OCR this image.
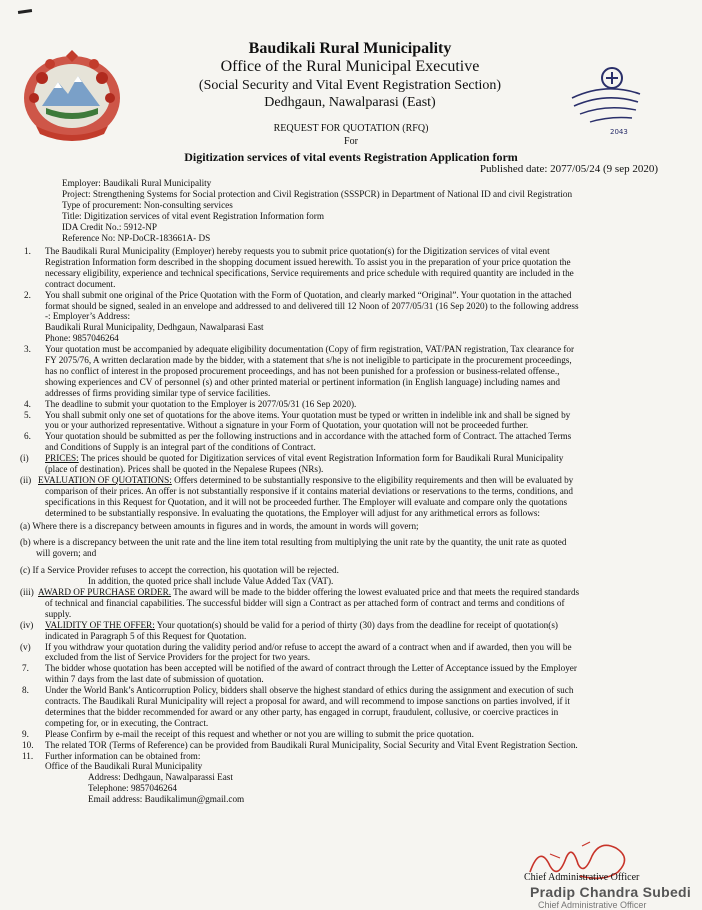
Baudikali Rural Municipality
Office of the Rural Municipal Executive
(Social Security and Vital Event Registration Section)
Dedhgaun, Nawalparasi (East)
2043
REQUEST FOR QUOTATION (RFQ)
For
Digitization services of vital events Registration Application form
Published date: 2077/05/24 (9 sep 2020)
Employer: Baudikali Rural Municipality
Project: Strengthening Systems for Social protection and Civil Registration (SSSPCR) in Department of National ID and civil Registration
Type of procurement: Non-consulting services
Title: Digitization services of vital event Registration Information form
IDA Credit No.: 5912-NP
Reference No: NP-DoCR-183661A- DS
1. The Baudikali Rural Municipality (Employer) hereby requests you to submit price quotation(s) for the Digitization services of vital event
Registration Information form described in the shopping document issued herewith. To assist you in the preparation of your price quotation the
necessary eligibility, experience and technical specifications, Service requirements and price schedule with required quantity are included in the
contract document.
2. You shall submit one original of the Price Quotation with the Form of Quotation, and clearly marked “Original”. Your quotation in the attached
format should be signed, sealed in an envelope and addressed to and delivered till 12 Noon of 2077/05/31 (16 Sep 2020) to the following address
-: Employer’s Address:
Baudikali Rural Municipality, Dedhgaun, Nawalparasi East
Phone: 9857046264
3. Your quotation must be accompanied by adequate eligibility documentation (Copy of firm registration, VAT/PAN registration, Tax clearance for
FY 2075/76, A written declaration made by the bidder, with a statement that s/he is not ineligible to participate in the procurement proceedings,
has no conflict of interest in the proposed procurement proceedings, and has not been punished for a profession or business-related offense.,
showing experiences and CV of personnel (s) and other printed material or pertinent information (in English language) including names and
addresses of firms providing similar type of service facilities.
4. The deadline to submit your quotation to the Employer is 2077/05/31 (16 Sep 2020).
5. You shall submit only one set of quotations for the above items. Your quotation must be typed or written in indelible ink and shall be signed by
you or your authorized representative. Without a signature in your Form of Quotation, your quotation will not be proceeded further.
6. Your quotation should be submitted as per the following instructions and in accordance with the attached form of Contract. The attached Terms
and Conditions of Supply is an integral part of the conditions of Contract.
(i) PRICES: The prices should be quoted for Digitization services of vital event Registration Information form for Baudikali Rural Municipality
(place of destination). Prices shall be quoted in the Nepalese Rupees (NRs).
(ii) EVALUATION OF QUOTATIONS: Offers determined to be substantially responsive to the eligibility requirements and then will be evaluated by
comparison of their prices. An offer is not substantially responsive if it contains material deviations or reservations to the terms, conditions, and
specifications in this Request for Quotation, and it will not be proceeded further. The Employer will evaluate and compare only the quotations
determined to be substantially responsive. In evaluating the quotations, the Employer will adjust for any arithmetical errors as follows:
(a) Where there is a discrepancy between amounts in figures and in words, the amount in words will govern;
(b) where is a discrepancy between the unit rate and the line item total resulting from multiplying the unit rate by the quantity, the unit rate as quoted
will govern; and
(c) If a Service Provider refuses to accept the correction, his quotation will be rejected.
In addition, the quoted price shall include Value Added Tax (VAT).
(iii) AWARD OF PURCHASE ORDER. The award will be made to the bidder offering the lowest evaluated price and that meets the required standards
of technical and financial capabilities. The successful bidder will sign a Contract as per attached form of contract and terms and conditions of
supply.
(iv) VALIDITY OF THE OFFER: Your quotation(s) should be valid for a period of thirty (30) days from the deadline for receipt of quotation(s)
indicated in Paragraph 5 of this Request for Quotation.
(v) If you withdraw your quotation during the validity period and/or refuse to accept the award of a contract when and if awarded, then you will be
excluded from the list of Service Providers for the project for two years.
7. The bidder whose quotation has been accepted will be notified of the award of contract through the Letter of Acceptance issued by the Employer
within 7 days from the last date of submission of quotation.
8. Under the World Bank’s Anticorruption Policy, bidders shall observe the highest standard of ethics during the assignment and execution of such
contracts. The Baudikali Rural Municipality will reject a proposal for award, and will recommend to impose sanctions on parties involved, if it
determines that the bidder recommended for award or any other party, has engaged in corrupt, fraudulent, collusive, or coercive practices in
competing for, or in executing, the Contract.
9. Please Confirm by e-mail the receipt of this request and whether or not you are willing to submit the price quotation.
10. The related TOR (Terms of Reference) can be provided from Baudikali Rural Municipality, Social Security and Vital Event Registration Section.
11. Further information can be obtained from:
Office of the Baudikali Rural Municipality
Address: Dedhgaun, Nawalparassi East
Telephone: 9857046264
Email address: Baudikalimun@gmail.com
Chief Administrative Officer
Pradip Chandra Subedi
Chief Administrative Officer
